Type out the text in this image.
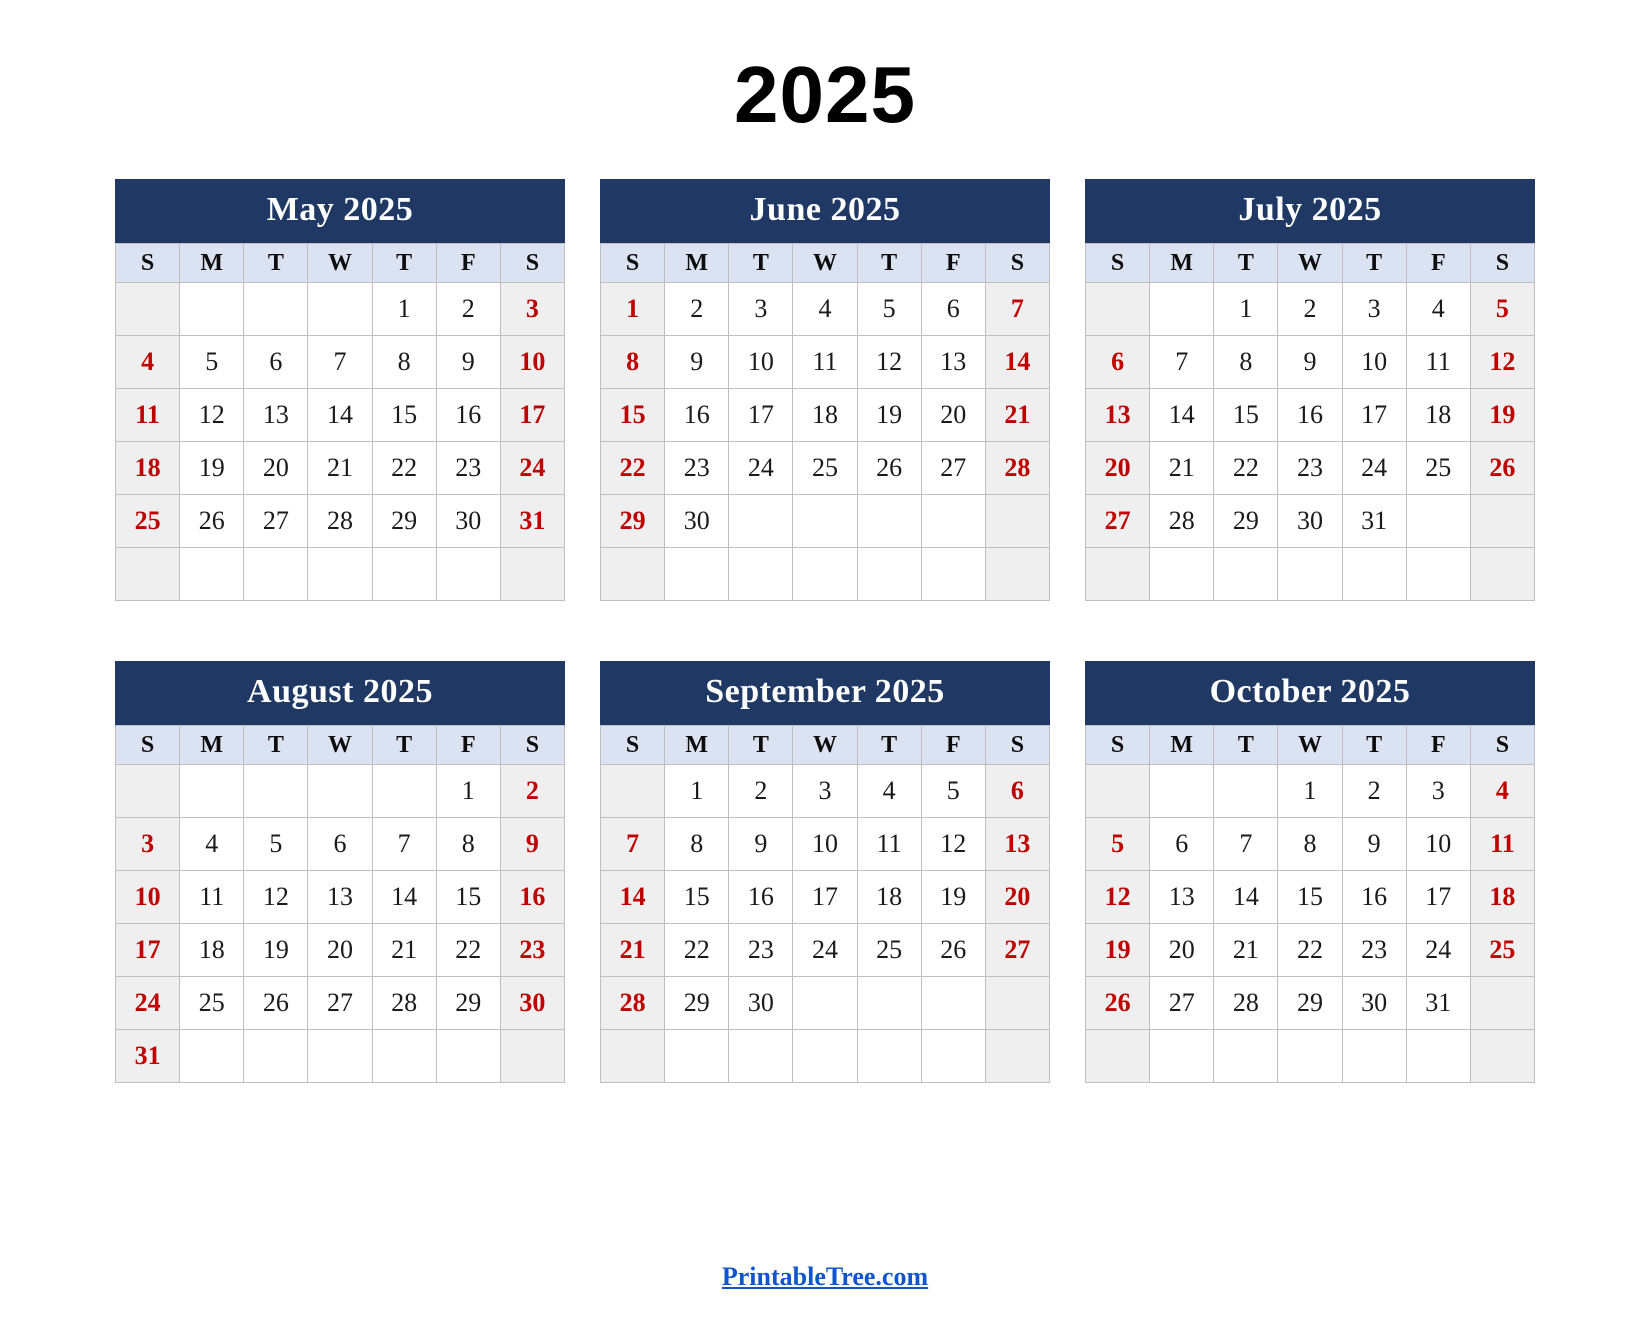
2025
May 2025
S	M	T	W	T	F	S
				1	2	3
4	5	6	7	8	9	10
11	12	13	14	15	16	17
18	19	20	21	22	23	24
25	26	27	28	29	30	31

June 2025
S	M	T	W	T	F	S
1	2	3	4	5	6	7
8	9	10	11	12	13	14
15	16	17	18	19	20	21
22	23	24	25	26	27	28
29	30					

July 2025
S	M	T	W	T	F	S
		1	2	3	4	5
6	7	8	9	10	11	12
13	14	15	16	17	18	19
20	21	22	23	24	25	26
27	28	29	30	31		

August 2025
S	M	T	W	T	F	S
					1	2
3	4	5	6	7	8	9
10	11	12	13	14	15	16
17	18	19	20	21	22	23
24	25	26	27	28	29	30
31						
September 2025
S	M	T	W	T	F	S
	1	2	3	4	5	6
7	8	9	10	11	12	13
14	15	16	17	18	19	20
21	22	23	24	25	26	27
28	29	30				

October 2025
S	M	T	W	T	F	S
			1	2	3	4
5	6	7	8	9	10	11
12	13	14	15	16	17	18
19	20	21	22	23	24	25
26	27	28	29	30	31	

PrintableTree.com
